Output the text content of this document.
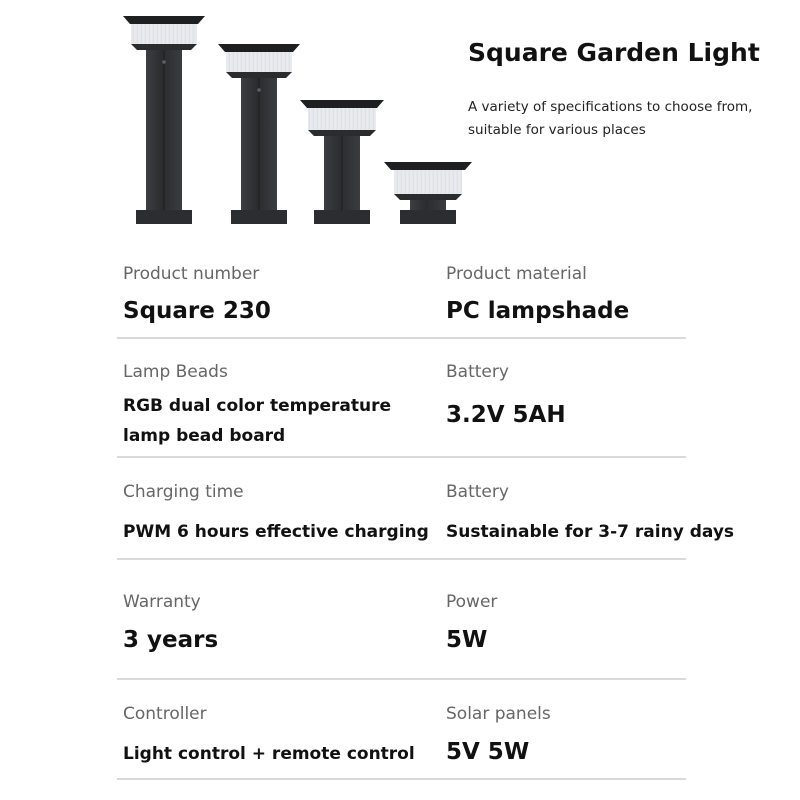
Square Garden Light
A variety of specifications to choose from, suitable for various places
Product number
Square 230
Product material
PC lampshade
Lamp Beads
RGB dual color temperature lamp bead board
Battery
3.2V 5AH
Charging time
PWM 6 hours effective charging
Battery
Sustainable for 3-7 rainy days
Warranty
3 years
Power
5W
Controller
Light control + remote control
Solar panels
5V 5W
